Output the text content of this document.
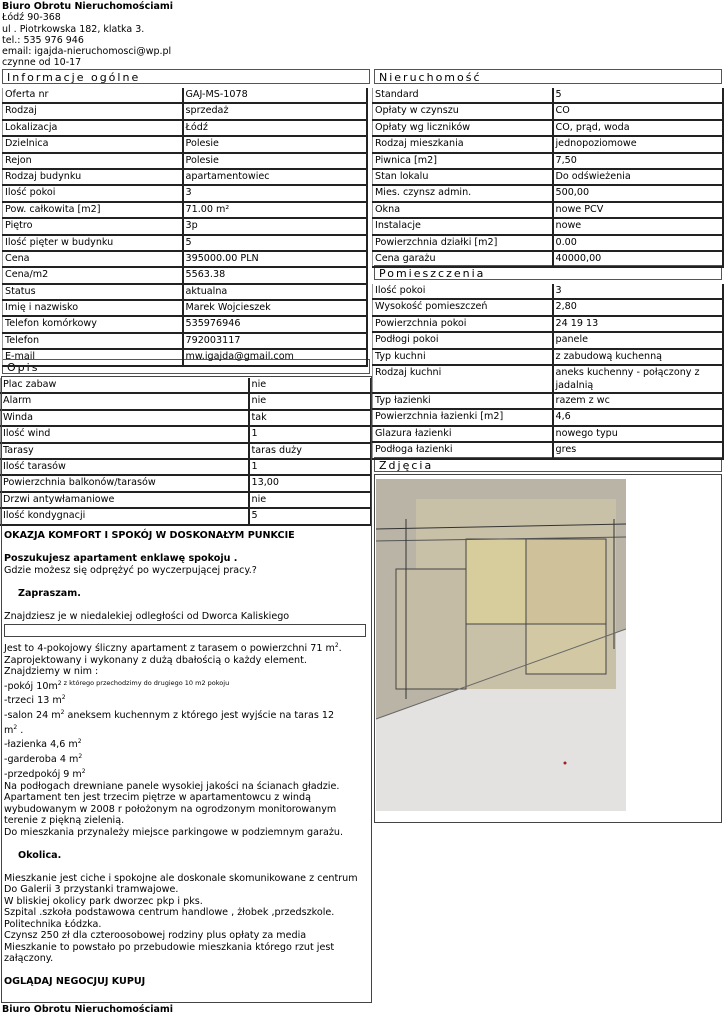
Biuro Obrotu Nieruchomościami
Łódź 90-368
ul . Piotrkowska 182, klatka 3.
tel.: 535 976 946
email: igajda-nieruchomosci@wp.pl
czynne od 10-17
Informacje ogólne	Nieruchomość
Opis
Pomieszczenia
Zdjęcia
Oferta nr	GAJ-MS-1078
Rodzaj	sprzedaż
Lokalizacja	Łódź
Dzielnica	Polesie
Rejon	Polesie
Rodzaj budynku	apartamentowiec
Ilość pokoi	3
Pow. całkowita [m2]	71.00 m²
Piętro	3p
Ilość pięter w budynku	5
Cena	395000.00 PLN
Cena/m2	5563.38
Status	aktualna
Imię i nazwisko	Marek Wojcieszek
Telefon komórkowy	535976946
Telefon	792003117
E-mail	mw.igajda@gmail.com
Standard	5
Opłaty w czynszu	CO
Opłaty wg liczników	CO, prąd, woda
Rodzaj mieszkania	jednopoziomowe
Piwnica [m2]	7,50
Stan lokalu	Do odświeżenia
Mies. czynsz admin.	500,00
Okna	nowe PCV
Instalacje	nowe
Powierzchnia działki [m2]	0.00
Cena garażu	40000,00
Ilość pokoi	3
Wysokość pomieszczeń	2,80
Powierzchnia pokoi	24 19 13
Podłogi pokoi	panele
Typ kuchni	z zabudową kuchenną
Rodzaj kuchni	aneks kuchenny - połączony z jadalnią
Typ łazienki	razem z wc
Powierzchnia łazienki [m2]	4,6
Glazura łazienki	nowego typu
Podłoga łazienki	gres
Plac zabaw	nie
Alarm	nie
Winda	tak
Ilość wind	1
Tarasy	taras duży
Ilość tarasów	1
Powierzchnia balkonów/tarasów	13,00
Drzwi antywłamaniowe	nie
Ilość kondygnacji	5

OKAZJA KOMFORT I SPOKÓJ W DOSKONAŁYM PUNKCIE

Poszukujesz apartament enklawę spokoju .

Gdzie możesz się odprężyć po wyczerpującej pracy.?

Zapraszam.

Znajdziesz je w niedalekiej odległości od Dworca Kaliskiego

Jest to 4-pokojowy śliczny apartament z tarasem o powierzchni 71 $m^2$.

Zaprojektowany i wykonany z dużą dbałością o każdy element.

Znajdziemy w nim :

-pokój $10m^2$ $^{z którego przechodzimy do drugiego 10 m2 pokoju}$

-trzeci 13 $m^2$

-salon 24 $m^2$ aneksem kuchennym z którego jest wyjście na taras 12

$m^2$ .

-łazienka 4,6 $m^2$

-garderoba 4 $m^2$

-przedpokój 9 $m^2$

Na podłogach drewniane panele wysokiej jakości na ścianach gładzie.

Apartament ten jest trzecim piętrze w apartamentowcu z windą wybudowanym w 2008 r położonym na ogrodzonym monitorowanym terenie z piękną zielenią.

Do mieszkania przynależy miejsce parkingowe w podziemnym garażu.

Okolica.

Mieszkanie jest ciche i spokojne ale doskonale skomunikowane z centrum

Do Galerii 3 przystanki tramwajowe.

W bliskiej okolicy park dworzec pkp i pks.

Szpital .szkoła podstawowa centrum handlowe , żłobek ,przedszkole. Politechnika Łódzka.

Czynsz 250 zł dla czteroosobowej rodziny plus opłaty za media

Mieszkanie to powstało po przebudowie mieszkania którego rzut jest załączony.

OGLĄDAJ NEGOCJUJ KUPUJ

Biuro Obrotu Nieruchomościami
